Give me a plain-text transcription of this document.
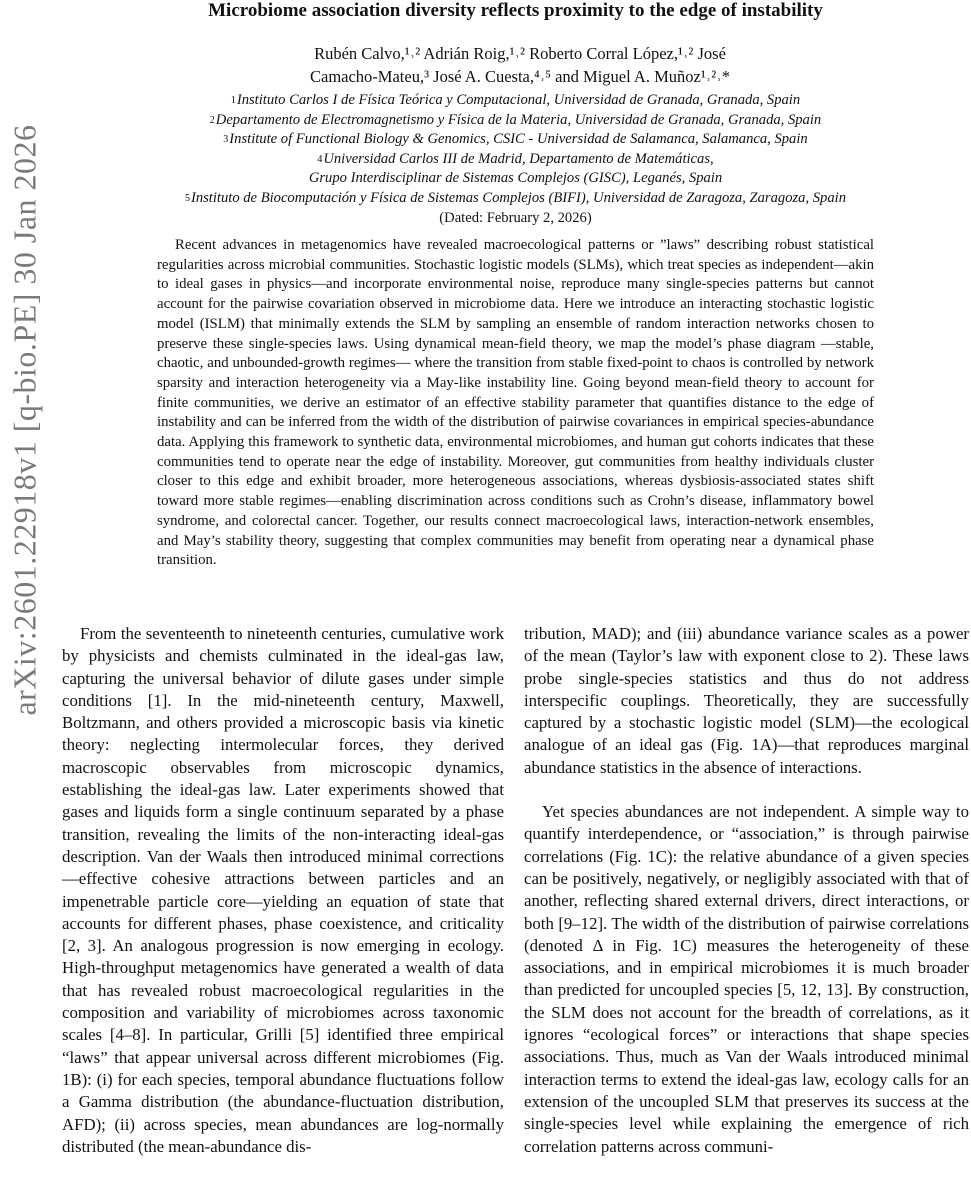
arXiv:2601.22918v1 [q-bio.PE] 30 Jan 2026
Microbiome association diversity reflects proximity to the edge of instability
Rubén Calvo,¹˒² Adrián Roig,¹˒² Roberto Corral López,¹˒² José
Camacho-Mateu,³ José A. Cuesta,⁴˒⁵ and Miguel A. Muñoz¹˒²˒*
$^1$Instituto Carlos I de Física Teórica y Computacional, Universidad de Granada, Granada, Spain
$^2$Departamento de Electromagnetismo y Física de la Materia, Universidad de Granada, Granada, Spain
$^3$Institute of Functional Biology & Genomics, CSIC - Universidad de Salamanca, Salamanca, Spain
$^4$Universidad Carlos III de Madrid, Departamento de Matemáticas,
Grupo Interdisciplinar de Sistemas Complejos (GISC), Leganés, Spain
$^5$Instituto de Biocomputación y Física de Sistemas Complejos (BIFI), Universidad de Zaragoza, Zaragoza, Spain
(Dated: February 2, 2026)
Recent advances in metagenomics have revealed macroecological patterns or ”laws” describing robust statistical regularities across microbial communities. Stochastic logistic models (SLMs), which treat species as independent—akin to ideal gases in physics—and incorporate environmental noise, reproduce many single-species patterns but cannot account for the pairwise covariation observed in microbiome data. Here we introduce an interacting stochastic logistic model (ISLM) that minimally extends the SLM by sampling an ensemble of random interaction networks chosen to preserve these single-species laws. Using dynamical mean-field theory, we map the model’s phase diagram —stable, chaotic, and unbounded-growth regimes— where the transition from stable fixed-point to chaos is controlled by network sparsity and interaction heterogeneity via a May-like instability line. Going beyond mean-field theory to account for finite communities, we derive an estimator of an effective stability parameter that quantifies distance to the edge of instability and can be inferred from the width of the distribution of pairwise covariances in empirical species-abundance data. Applying this framework to synthetic data, environmental microbiomes, and human gut cohorts indicates that these communities tend to operate near the edge of instability. Moreover, gut communities from healthy individuals cluster closer to this edge and exhibit broader, more heterogeneous associations, whereas dysbiosis-associated states shift toward more stable regimes—enabling discrimination across conditions such as Crohn’s disease, inflammatory bowel syndrome, and colorectal cancer. Together, our results connect macroecological laws, interaction-network ensembles, and May’s stability theory, suggesting that complex communities may benefit from operating near a dynamical phase transition.

From the seventeenth to nineteenth centuries, cumulative work by physicists and chemists culminated in the ideal-gas law, capturing the universal behavior of dilute gases under simple conditions [1]. In the mid-nineteenth century, Maxwell, Boltzmann, and others provided a microscopic basis via kinetic theory: neglecting intermolecular forces, they derived macroscopic observables from microscopic dynamics, establishing the ideal-gas law. Later experiments showed that gases and liquids form a single continuum separated by a phase transition, revealing the limits of the non-interacting ideal-gas description. Van der Waals then introduced minimal corrections—effective cohesive attractions between particles and an impenetrable particle core—yielding an equation of state that accounts for different phases, phase coexistence, and criticality [2, 3]. An analogous progression is now emerging in ecology. High-throughput metagenomics have generated a wealth of data that has revealed robust macroecological regularities in the composition and variability of microbiomes across taxonomic scales [4–8]. In particular, Grilli [5] identified three empirical “laws” that appear universal across different microbiomes (Fig. 1B): (i) for each species, temporal abundance fluctuations follow a Gamma distribution (the abundance-fluctuation distribution, AFD); (ii) across species, mean abundances are log-normally distributed (the mean-abundance dis-

tribution, MAD); and (iii) abundance variance scales as a power of the mean (Taylor’s law with exponent close to 2). These laws probe single-species statistics and thus do not address interspecific couplings. Theoretically, they are successfully captured by a stochastic logistic model (SLM)—the ecological analogue of an ideal gas (Fig. 1A)—that reproduces marginal abundance statistics in the absence of interactions.

Yet species abundances are not independent. A simple way to quantify interdependence, or “association,” is through pairwise correlations (Fig. 1C): the relative abundance of a given species can be positively, negatively, or negligibly associated with that of another, reflecting shared external drivers, direct interactions, or both [9–12]. The width of the distribution of pairwise correlations (denoted Δ in Fig. 1C) measures the heterogeneity of these associations, and in empirical microbiomes it is much broader than predicted for uncoupled species [5, 12, 13]. By construction, the SLM does not account for the breadth of correlations, as it ignores “ecological forces” or interactions that shape species associations. Thus, much as Van der Waals introduced minimal interaction terms to extend the ideal-gas law, ecology calls for an extension of the uncoupled SLM that preserves its success at the single-species level while explaining the emergence of rich correlation patterns across communi-
